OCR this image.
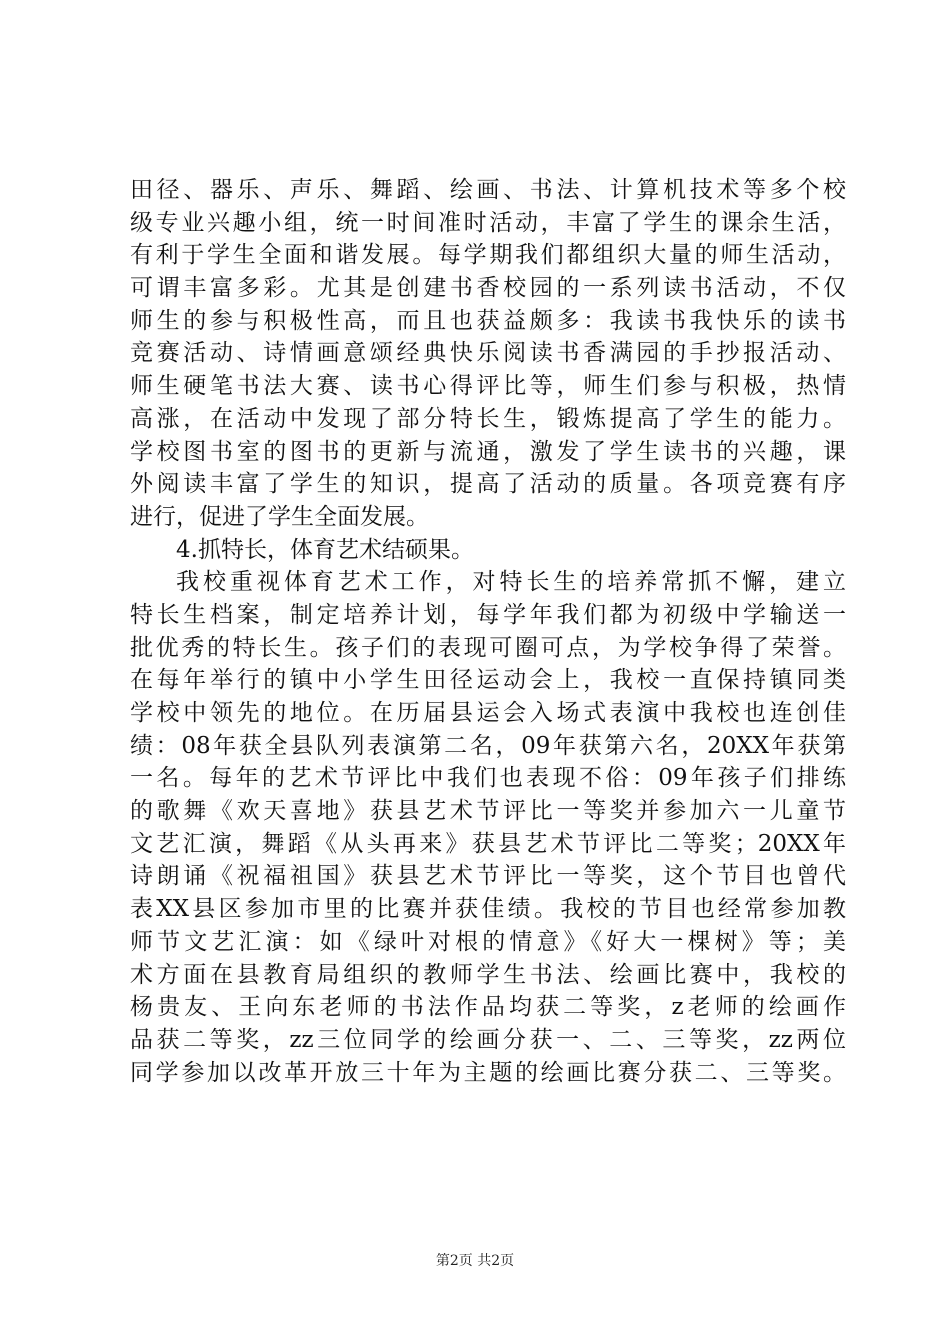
田径、器乐、声乐、舞蹈、绘画、书法、计算机技术等多个校
级专业兴趣小组，统一时间准时活动，丰富了学生的课余生活，
有利于学生全面和谐发展。每学期我们都组织大量的师生活动，
可谓丰富多彩。尤其是创建书香校园的一系列读书活动，不仅
师生的参与积极性高，而且也获益颇多：我读书我快乐的读书
竞赛活动、诗情画意颂经典快乐阅读书香满园的手抄报活动、
师生硬笔书法大赛、读书心得评比等，师生们参与积极，热情
高涨，在活动中发现了部分特长生，锻炼提高了学生的能力。
学校图书室的图书的更新与流通，激发了学生读书的兴趣，课
外阅读丰富了学生的知识，提高了活动的质量。各项竞赛有序
进行，促进了学生全面发展。
4.抓特长，体育艺术结硕果。
我校重视体育艺术工作，对特长生的培养常抓不懈，建立
特长生档案，制定培养计划，每学年我们都为初级中学输送一
批优秀的特长生。孩子们的表现可圈可点，为学校争得了荣誉。
在每年举行的镇中小学生田径运动会上，我校一直保持镇同类
学校中领先的地位。在历届县运会入场式表演中我校也连创佳
绩：08年获全县队列表演第二名，09年获第六名，20XX年获第
一名。每年的艺术节评比中我们也表现不俗：09年孩子们排练
的歌舞《欢天喜地》获县艺术节评比一等奖并参加六一儿童节
文艺汇演，舞蹈《从头再来》获县艺术节评比二等奖；20XX年
诗朗诵《祝福祖国》获县艺术节评比一等奖，这个节目也曾代
表XX县区参加市里的比赛并获佳绩。我校的节目也经常参加教
师节文艺汇演：如《绿叶对根的情意》《好大一棵树》等；美
术方面在县教育局组织的教师学生书法、绘画比赛中，我校的
杨贵友、王向东老师的书法作品均获二等奖，z老师的绘画作
品获二等奖，zz三位同学的绘画分获一、二、三等奖，zz两位
同学参加以改革开放三十年为主题的绘画比赛分获二、三等奖。
第2页 共2页
